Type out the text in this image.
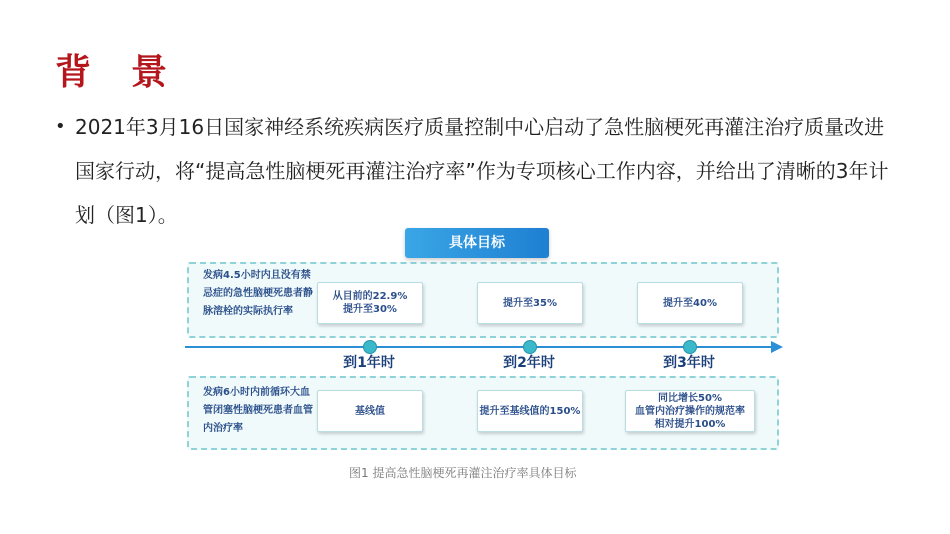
背 景
• 2021年3月16日国家神经系统疾病医疗质量控制中心启动了急性脑梗死再灌注治疗质量改进国家行动，将“提高急性脑梗死再灌注治疗率”作为专项核心工作内容，并给出了清晰的3年计划（图1）。
发病4.5小时内且没有禁忌症的急性脑梗死患者静脉溶栓的实际执行率
从目前的22.9%
提升至30%
提升至35%	提升至40%
具体目标
到1年时	到2年时	到3年时
发病6小时内前循环大血管闭塞性脑梗死患者血管内治疗率
基线值	提升至基线值的150%
同比增长50%
血管内治疗操作的规范率
相对提升100%
图1 提高急性脑梗死再灌注治疗率具体目标
